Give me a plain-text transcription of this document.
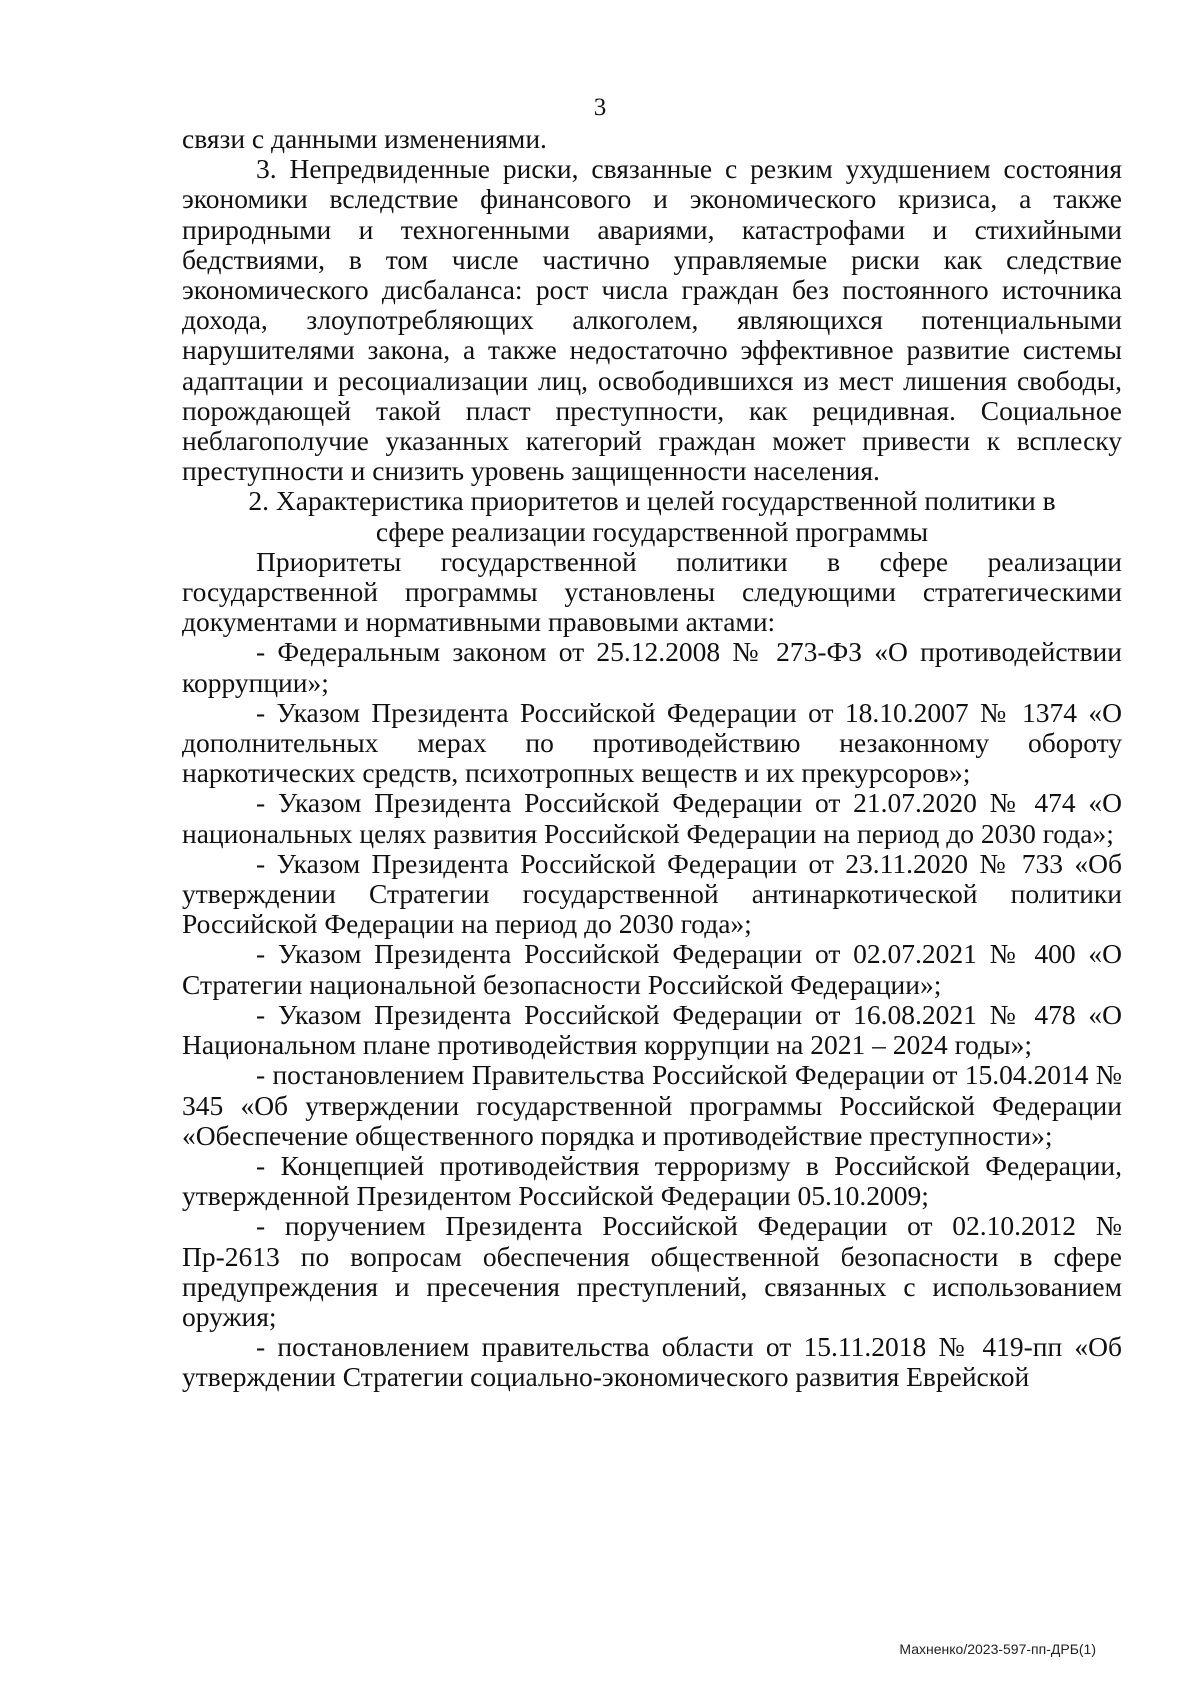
3

связи с данными изменениями.

3. Непредвиденные риски, связанные с резким ухудшением состояния экономики вследствие финансового и экономического кризиса, а также природными и техногенными авариями, катастрофами и стихийными бедствиями, в том числе частично управляемые риски как следствие экономического дисбаланса: рост числа граждан без постоянного источника дохода, злоупотребляющих алкоголем, являющихся потенциальными нарушителями закона, а также недостаточно эффективное развитие системы адаптации и ресоциализации лиц, освободившихся из мест лишения свободы, порождающей такой пласт преступности, как рецидивная. Социальное неблагополучие указанных категорий граждан может привести к всплеску преступности и снизить уровень защищенности населения.

2. Характеристика приоритетов и целей государственной политики в
сфере реализации государственной программы

Приоритеты государственной политики в сфере реализации государственной программы установлены следующими стратегическими документами и нормативными правовыми актами:

- Федеральным законом от 25.12.2008 № 273-ФЗ «О противодействии коррупции»;

- Указом Президента Российской Федерации от 18.10.2007 № 1374 «О дополнительных мерах по противодействию незаконному обороту наркотических средств, психотропных веществ и их прекурсоров»;

- Указом Президента Российской Федерации от 21.07.2020 № 474 «О национальных целях развития Российской Федерации на период до 2030 года»;

- Указом Президента Российской Федерации от 23.11.2020 № 733 «Об утверждении Стратегии государственной антинаркотической политики Российской Федерации на период до 2030 года»;

- Указом Президента Российской Федерации от 02.07.2021 № 400 «О Стратегии национальной безопасности Российской Федерации»;

- Указом Президента Российской Федерации от 16.08.2021 № 478 «О Национальном плане противодействия коррупции на 2021 – 2024 годы»;

- постановлением Правительства Российской Федерации от 15.04.2014 № 345 «Об утверждении государственной программы Российской Федерации «Обеспечение общественного порядка и противодействие преступности»;

- Концепцией противодействия терроризму в Российской Федерации, утвержденной Президентом Российской Федерации 05.10.2009;

- поручением Президента Российской Федерации от 02.10.2012 № Пр-2613 по вопросам обеспечения общественной безопасности в сфере предупреждения и пресечения преступлений, связанных с использованием оружия;

- постановлением правительства области от 15.11.2018 № 419-пп «Об утверждении Стратегии социально-экономического развития Еврейской

Махненко/2023-597-пп-ДРБ(1)
